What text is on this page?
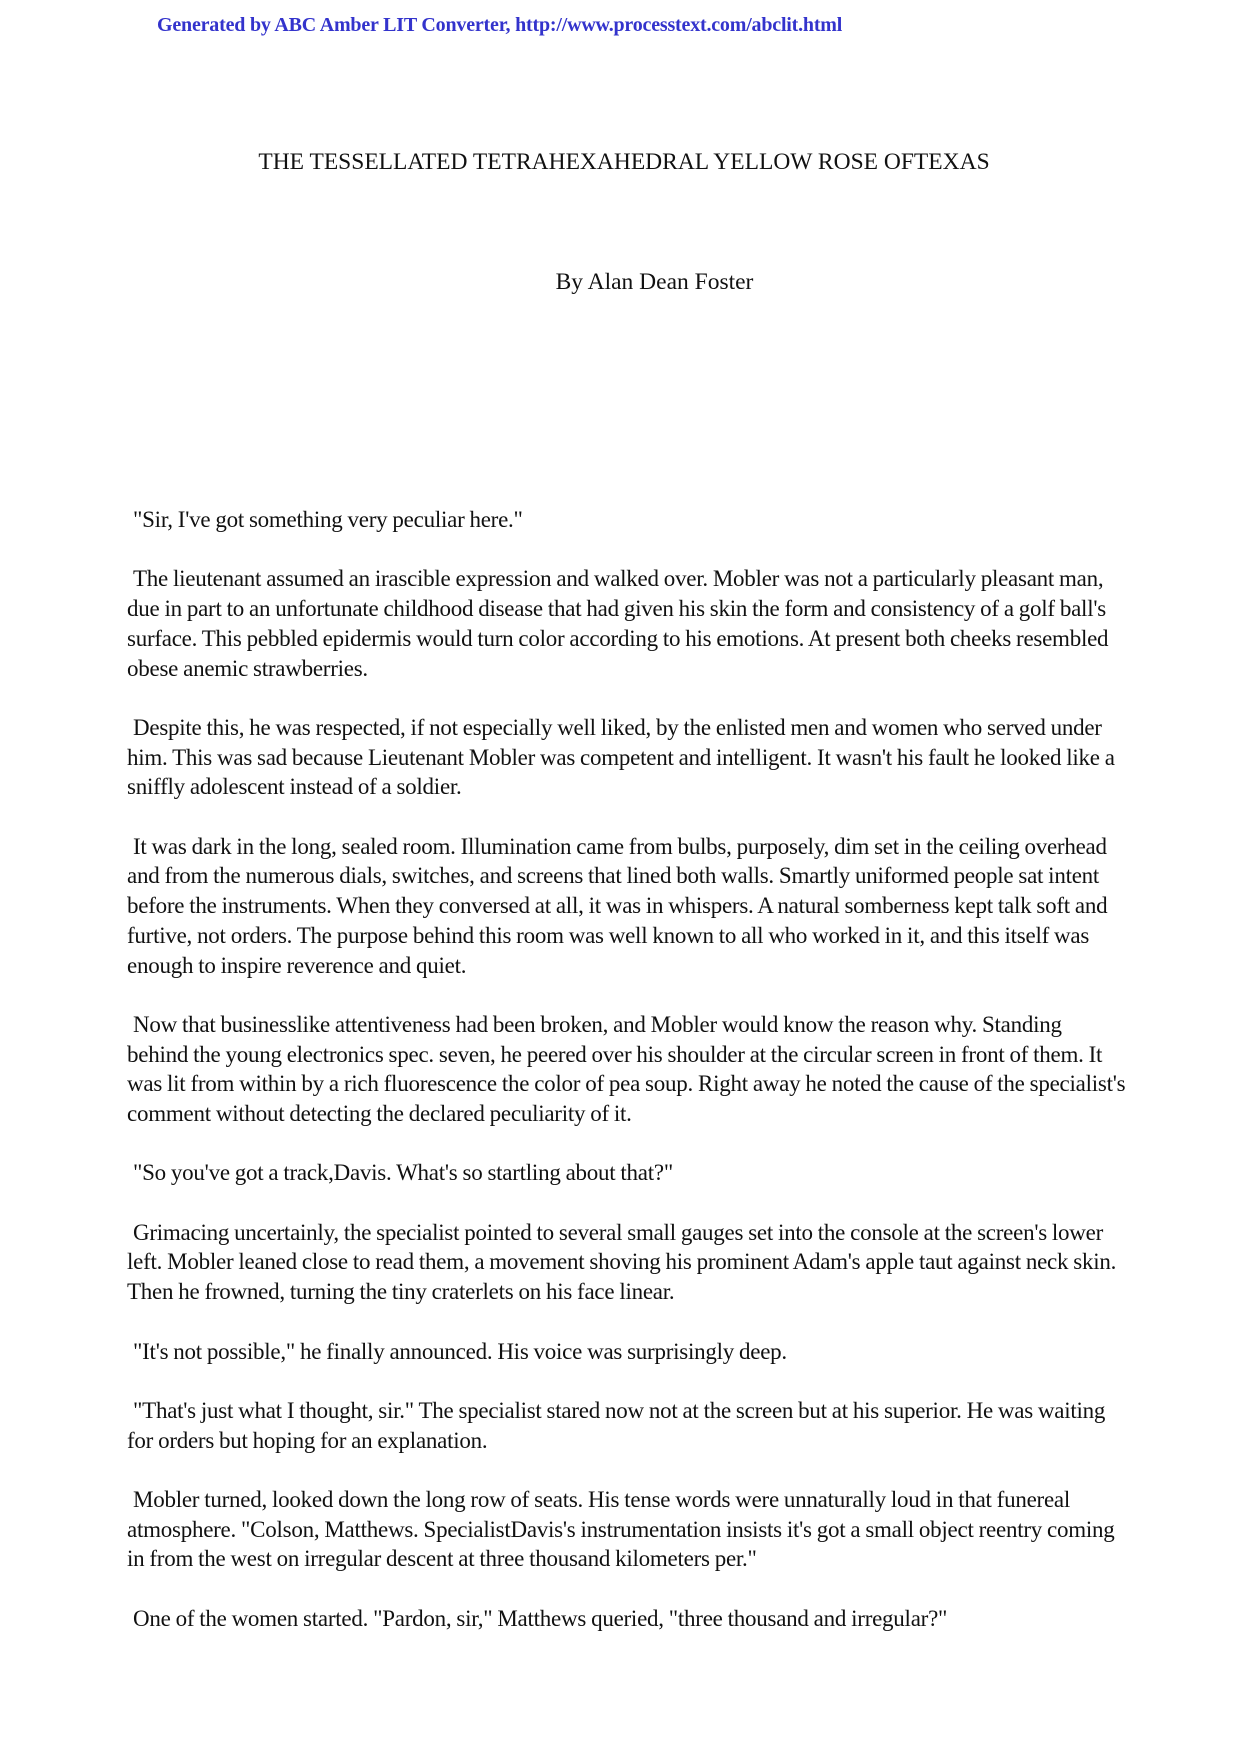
Generated by ABC Amber LIT Converter, http://www.processtext.com/abclit.html
THE TESSELLATED TETRAHEXAHEDRAL YELLOW ROSE OFTEXAS
By Alan Dean Foster

"Sir, I've got something very peculiar here."

The lieutenant assumed an irascible expression and walked over. Mobler was not a particularly pleasant man, due in part to an unfortunate childhood disease that had given his skin the form and consistency of a golf ball's surface. This pebbled epidermis would turn color according to his emotions. At present both cheeks resembled obese anemic strawberries.

Despite this, he was respected, if not especially well liked, by the enlisted men and women who served under him. This was sad because Lieutenant Mobler was competent and intelligent. It wasn't his fault he looked like a sniffly adolescent instead of a soldier.

It was dark in the long, sealed room. Illumination came from bulbs, purposely, dim set in the ceiling overhead and from the numerous dials, switches, and screens that lined both walls. Smartly uniformed people sat intent before the instruments. When they conversed at all, it was in whispers. A natural somberness kept talk soft and furtive, not orders. The purpose behind this room was well known to all who worked in it, and this itself was enough to inspire reverence and quiet.

Now that businesslike attentiveness had been broken, and Mobler would know the reason why. Standing behind the young electronics spec. seven, he peered over his shoulder at the circular screen in front of them. It was lit from within by a rich fluorescence the color of pea soup. Right away he noted the cause of the specialist's comment without detecting the declared peculiarity of it.

"So you've got a track,Davis. What's so startling about that?"

Grimacing uncertainly, the specialist pointed to several small gauges set into the console at the screen's lower left. Mobler leaned close to read them, a movement shoving his prominent Adam's apple taut against neck skin. Then he frowned, turning the tiny craterlets on his face linear.

"It's not possible," he finally announced. His voice was surprisingly deep.

"That's just what I thought, sir." The specialist stared now not at the screen but at his superior. He was waiting for orders but hoping for an explanation.

Mobler turned, looked down the long row of seats. His tense words were unnaturally loud in that funereal atmosphere. "Colson, Matthews. SpecialistDavis's instrumentation insists it's got a small object reentry coming in from the west on irregular descent at three thousand kilometers per."

One of the women started. "Pardon, sir," Matthews queried, "three thousand and irregular?"
